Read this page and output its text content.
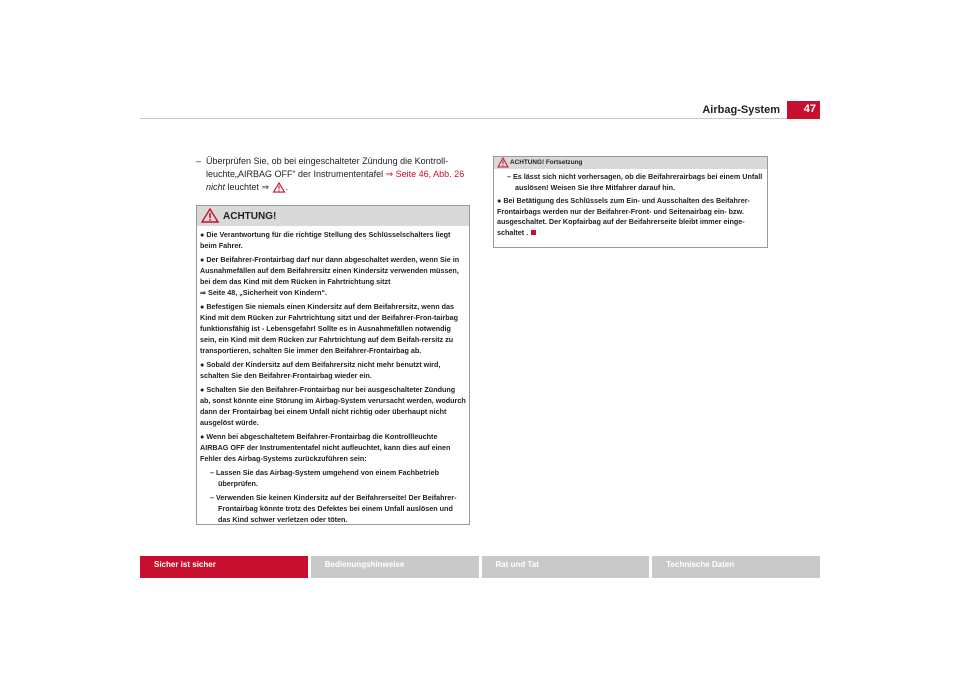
Airbag-System	47

– Überprüfen Sie, ob bei eingeschalteter Zündung die Kontroll-leuchte„AIRBAG OFF“ der Instrumententafel ⇒ Seite 46, Abb. 26 nicht leuchtet ⇒ .

ACHTUNG!
● Die Verantwortung für die richtige Stellung des Schlüsselschalters liegt beim Fahrer.
● Der Beifahrer-Frontairbag darf nur dann abgeschaltet werden, wenn Sie in Ausnahmefällen auf dem Beifahrersitz einen Kindersitz verwenden müssen, bei dem das Kind mit dem Rücken in Fahrtrichtung sitzt
⇒ Seite 48, „Sicherheit von Kindern“.
● Befestigen Sie niemals einen Kindersitz auf dem Beifahrersitz, wenn das Kind mit dem Rücken zur Fahrtrichtung sitzt und der Beifahrer-Fron-tairbag funktionsfähig ist - Lebensgefahr! Sollte es in Ausnahmefällen notwendig sein, ein Kind mit dem Rücken zur Fahrtrichtung auf dem Beifah-rersitz zu transportieren, schalten Sie immer den Beifahrer-Frontairbag ab.
● Sobald der Kindersitz auf dem Beifahrersitz nicht mehr benutzt wird, schalten Sie den Beifahrer-Frontairbag wieder ein.
● Schalten Sie den Beifahrer-Frontairbag nur bei ausgeschalteter Zündung ab, sonst könnte eine Störung im Airbag-System verursacht werden, wodurch dann der Frontairbag bei einem Unfall nicht richtig oder überhaupt nicht ausgelöst würde.
● Wenn bei abgeschaltetem Beifahrer-Frontairbag die Kontrollleuchte AIRBAG OFF der Instrumententafel nicht aufleuchtet, kann dies auf einen Fehler des Airbag-Systems zurückzuführen sein:
– Lassen Sie das Airbag-System umgehend von einem Fachbetrieb überprüfen.
– Verwenden Sie keinen Kindersitz auf der Beifahrerseite! Der Beifahrer-Frontairbag könnte trotz des Defektes bei einem Unfall auslösen und das Kind schwer verletzen oder töten.
ACHTUNG! Fortsetzung
– Es lässt sich nicht vorhersagen, ob die Beifahrerairbags bei einem Unfall auslösen! Weisen Sie Ihre Mitfahrer darauf hin.
● Bei Betätigung des Schlüssels zum Ein- und Ausschalten des Beifahrer-Frontairbags werden nur der Beifahrer-Front- und Seitenairbag ein- bzw. ausgeschaltet. Der Kopfairbag auf der Beifahrerseite bleibt immer einge-schaltet .
Sicher ist sicher	Bedienungshinweise	Rat und Tat	Technische Daten
